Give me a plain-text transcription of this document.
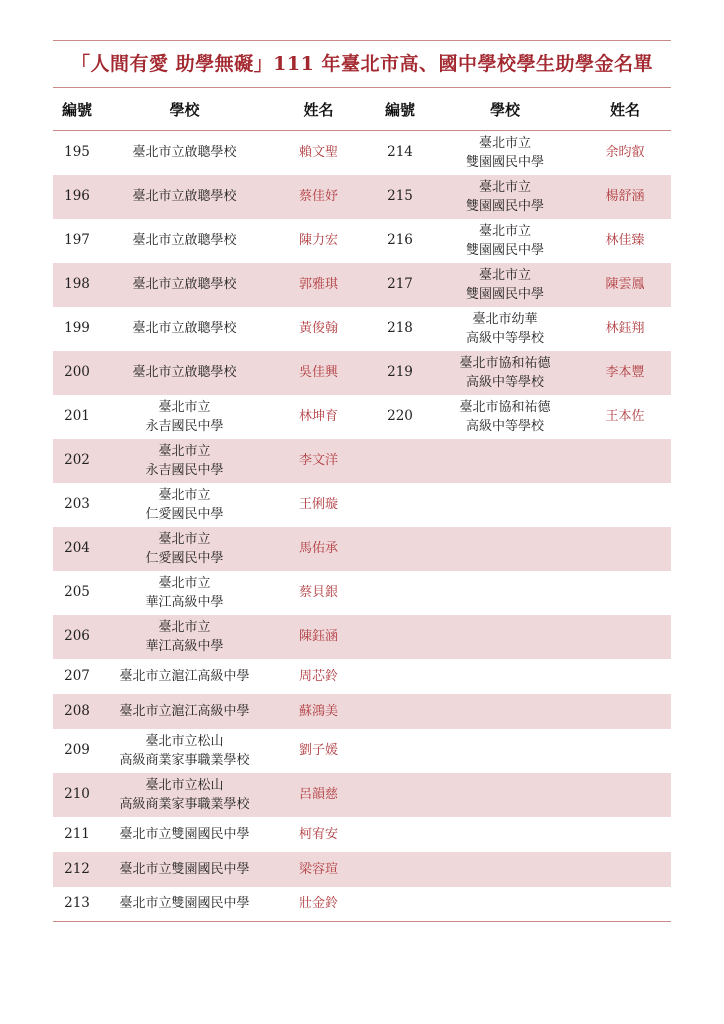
「人間有愛 助學無礙」111 年臺北市高、國中學校學生助學金名單
編號	學校	姓名	編號	學校	姓名
195	臺北市立啟聰學校	賴文聖	214	臺北市立
雙園國民中學	余昀叡
196	臺北市立啟聰學校	蔡佳妤	215	臺北市立
雙園國民中學	楊舒涵
197	臺北市立啟聰學校	陳力宏	216	臺北市立
雙園國民中學	林佳臻
198	臺北市立啟聰學校	郭雅琪	217	臺北市立
雙園國民中學	陳雲鳳
199	臺北市立啟聰學校	黃俊翰	218	臺北市幼華
高級中等學校	林鈺翔
200	臺北市立啟聰學校	吳佳興	219	臺北市協和祐德
高級中等學校	李本豐
201	臺北市立
永吉國民中學	林坤育	220	臺北市協和祐德
高級中等學校	王本佐
202	臺北市立
永吉國民中學	李文洋			
203	臺北市立
仁愛國民中學	王俐璇			
204	臺北市立
仁愛國民中學	馬佑承			
205	臺北市立
華江高級中學	蔡貝銀			
206	臺北市立
華江高級中學	陳鈺涵			
207	臺北市立滬江高級中學	周芯鈴			
208	臺北市立滬江高級中學	蘇鴻美			
209	臺北市立松山
高級商業家事職業學校	劉子媛			
210	臺北市立松山
高級商業家事職業學校	呂韻慈			
211	臺北市立雙園國民中學	柯宥安			
212	臺北市立雙園國民中學	梁容瑄			
213	臺北市立雙園國民中學	壯金鈴			
